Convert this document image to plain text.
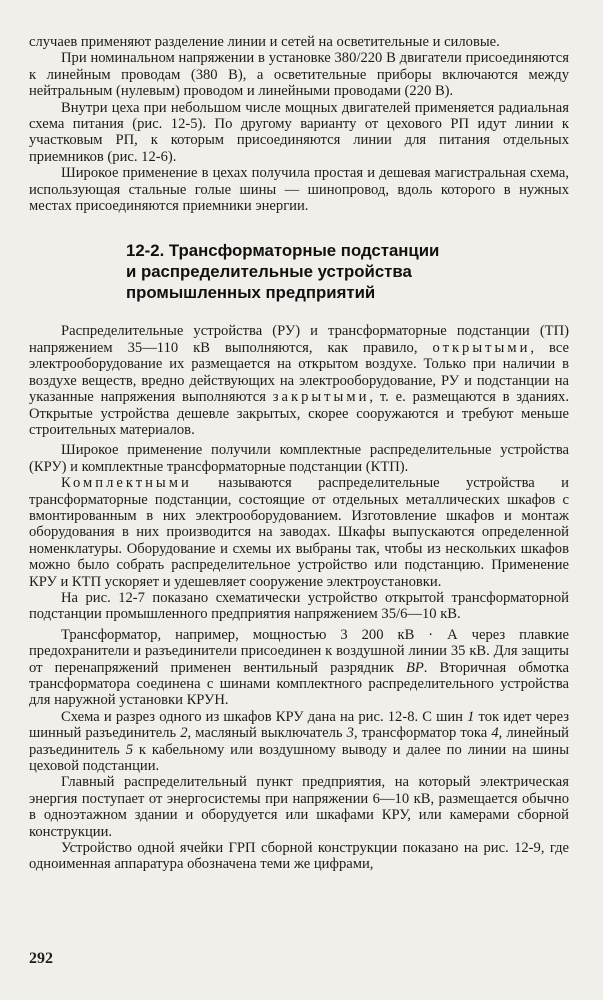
случаев применяют разделение линии и сетей на осветительные и силовые.

При номинальном напряжении в установке 380/220 В двигатели присоединяются к линейным проводам (380 В), а осветительные приборы включаются между нейтральным (нулевым) проводом и линейными проводами (220 В).

Внутри цеха при небольшом числе мощных двигателей применяется радиальная схема питания (рис. 12-5). По другому варианту от цехового РП идут линии к участковым РП, к которым присоединяются линии для питания отдельных приемников (рис. 12-6).

Широкое применение в цехах получила простая и дешевая магистральная схема, использующая стальные голые шины — шинопровод, вдоль которого в нужных местах присоединяются приемники энергии.

12-2. Трансформаторные подстанции
и распределительные устройства
промышленных предприятий

Распределительные устройства (РУ) и трансформаторные подстанции (ТП) напряжением 35—110 кВ выполняются, как правило, открытыми, все электрооборудование их размещается на открытом воздухе. Только при наличии в воздухе веществ, вредно действующих на электрооборудование, РУ и подстанции на указанные напряжения выполняются закрытыми, т. е. размещаются в зданиях. Открытые устройства дешевле закрытых, скорее сооружаются и требуют меньше строительных материалов.

Широкое применение получили комплектные распределительные устройства (КРУ) и комплектные трансформаторные подстанции (КТП).

Комплектными называются распределительные устройства и трансформаторные подстанции, состоящие от отдельных металлических шкафов с вмонтированным в них электрооборудованием. Изготовление шкафов и монтаж оборудования в них производится на заводах. Шкафы выпускаются определенной номенклатуры. Оборудование и схемы их выбраны так, чтобы из нескольких шкафов можно было собрать распределительное устройство или подстанцию. Применение КРУ и КТП ускоряет и удешевляет сооружение электроустановки.

На рис. 12-7 показано схематически устройство открытой трансформаторной подстанции промышленного предприятия напряжением 35/6—10 кВ.

Трансформатор, например, мощностью 3 200 кВ · А через плавкие предохранители и разъединители присоединен к воздушной линии 35 кВ. Для защиты от перенапряжений применен вентильный разрядник ВР. Вторичная обмотка трансформатора соединена с шинами комплектного распределительного устройства для наружной установки КРУН.

Схема и разрез одного из шкафов КРУ дана на рис. 12-8. С шин 1 ток идет через шинный разъединитель 2, масляный выключатель 3, трансформатор тока 4, линейный разъединитель 5 к кабельному или воздушному выводу и далее по линии на шины цеховой подстанции.

Главный распределительный пункт предприятия, на который электрическая энергия поступает от энергосистемы при напряжении 6—10 кВ, размещается обычно в одноэтажном здании и оборудуется или шкафами КРУ, или камерами сборной конструкции.

Устройство одной ячейки ГРП сборной конструкции показано на рис. 12-9, где одноименная аппаратура обозначена теми же цифрами,

292
